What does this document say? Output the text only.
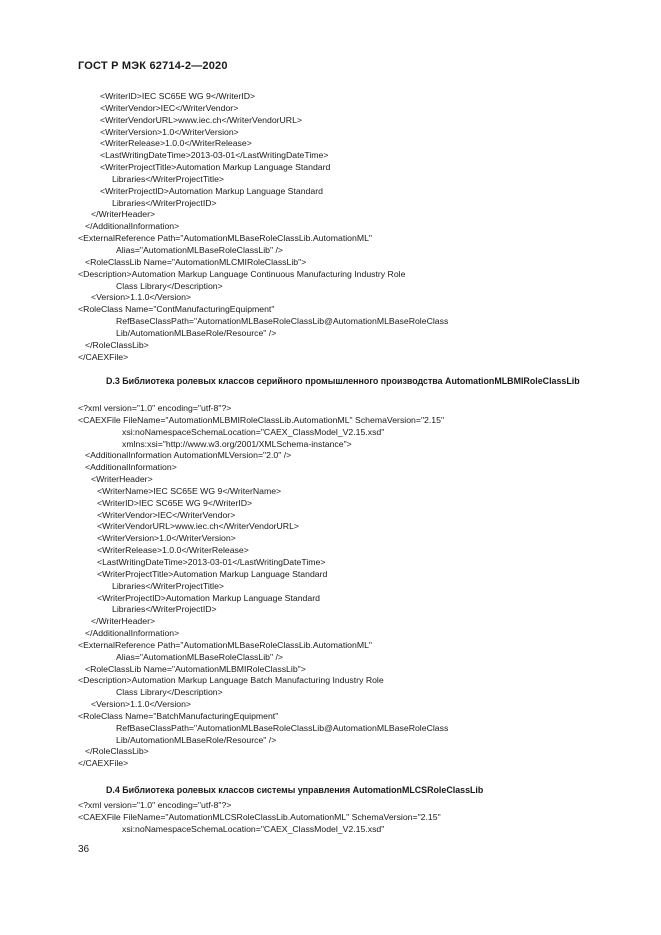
ГОСТ Р МЭК 62714-2—2020
<WriterID>IEC SC65E WG 9</WriterID>
<WriterVendor>IEC</WriterVendor>
<WriterVendorURL>www.iec.ch</WriterVendorURL>
<WriterVersion>1.0</WriterVersion>
<WriterRelease>1.0.0</WriterRelease>
<LastWritingDateTime>2013-03-01</LastWritingDateTime>
<WriterProjectTitle>Automation Markup Language Standard
Libraries</WriterProjectTitle>
<WriterProjectID>Automation Markup Language Standard
Libraries</WriterProjectID>
</WriterHeader>
</AdditionalInformation>
<ExternalReference Path="AutomationMLBaseRoleClassLib.AutomationML"
Alias="AutomationMLBaseRoleClassLib" />
<RoleClassLib Name="AutomationMLCMIRoleClassLib">
<Description>Automation Markup Language Continuous Manufacturing Industry Role
Class Library</Description>
<Version>1.1.0</Version>
<RoleClass Name="ContManufacturingEquipment"
RefBaseClassPath="AutomationMLBaseRoleClassLib@AutomationMLBaseRoleClass
Lib/AutomationMLBaseRole/Resource" />
</RoleClassLib>
</CAEXFile>
D.3 Библиотека ролевых классов серийного промышленного производства AutomationMLBMIRoleClassLib
<?xml version="1.0" encoding="utf-8"?>
<CAEXFile FileName="AutomationMLBMIRoleClassLib.AutomationML" SchemaVersion="2.15"
xsi:noNamespaceSchemaLocation="CAEX_ClassModel_V2.15.xsd"
xmlns:xsi="http://www.w3.org/2001/XMLSchema-instance">
<AdditionalInformation AutomationMLVersion="2.0" />
<AdditionalInformation>
<WriterHeader>
<WriterName>IEC SC65E WG 9</WriterName>
<WriterID>IEC SC65E WG 9</WriterID>
<WriterVendor>IEC</WriterVendor>
<WriterVendorURL>www.iec.ch</WriterVendorURL>
<WriterVersion>1.0</WriterVersion>
<WriterRelease>1.0.0</WriterRelease>
<LastWritingDateTime>2013-03-01</LastWritingDateTime>
<WriterProjectTitle>Automation Markup Language Standard
Libraries</WriterProjectTitle>
<WriterProjectID>Automation Markup Language Standard
Libraries</WriterProjectID>
</WriterHeader>
</AdditionalInformation>
<ExternalReference Path="AutomationMLBaseRoleClassLib.AutomationML"
Alias="AutomationMLBaseRoleClassLib" />
<RoleClassLib Name="AutomationMLBMIRoleClassLib">
<Description>Automation Markup Language Batch Manufacturing Industry Role
Class Library</Description>
<Version>1.1.0</Version>
<RoleClass Name="BatchManufacturingEquipment"
RefBaseClassPath="AutomationMLBaseRoleClassLib@AutomationMLBaseRoleClass
Lib/AutomationMLBaseRole/Resource" />
</RoleClassLib>
</CAEXFile>
D.4 Библиотека ролевых классов системы управления AutomationMLCSRoleClassLib
<?xml version="1.0" encoding="utf-8"?>
<CAEXFile FileName="AutomationMLCSRoleClassLib.AutomationML" SchemaVersion="2.15"
xsi:noNamespaceSchemaLocation="CAEX_ClassModel_V2.15.xsd"
36
